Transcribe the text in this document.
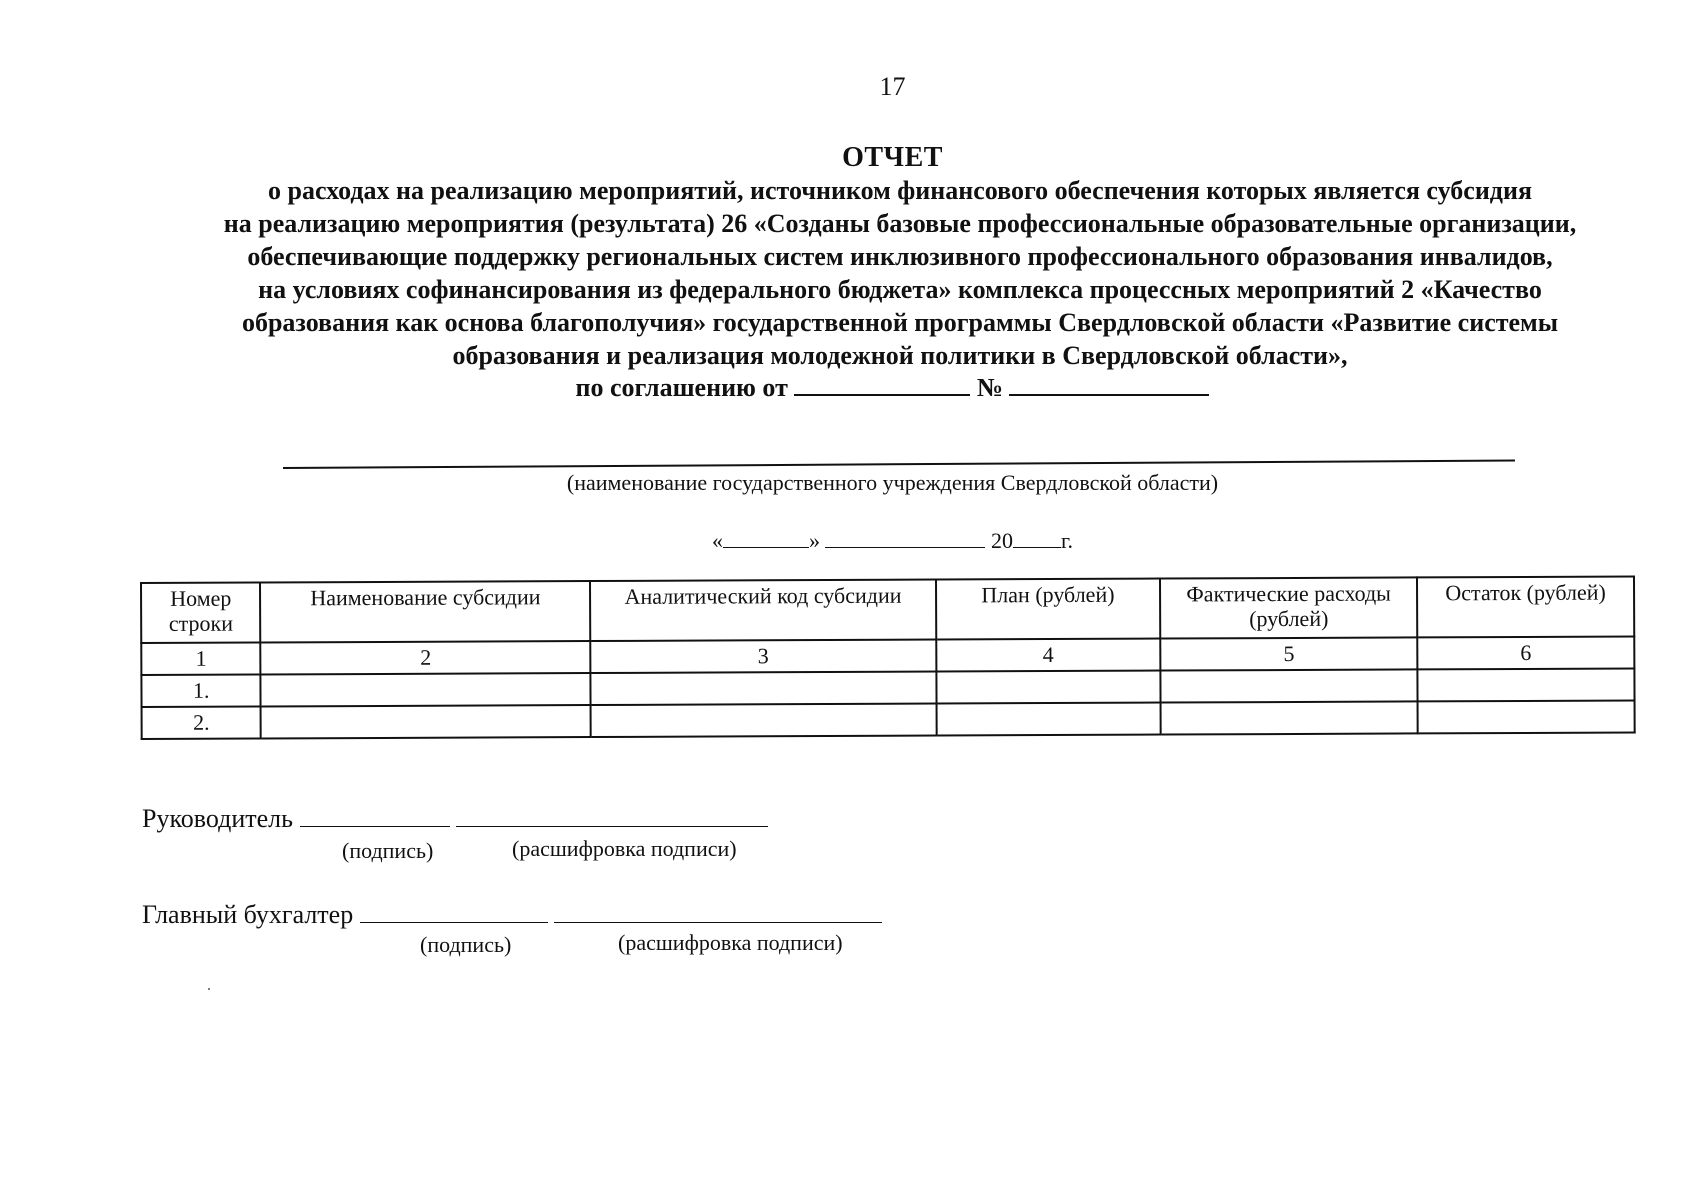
17
ОТЧЕТ
о расходах на реализацию мероприятий, источником финансового обеспечения которых является субсидия
на реализацию мероприятия (результата) 26 «Созданы базовые профессиональные образовательные организации,
обеспечивающие поддержку региональных систем инклюзивного профессионального образования инвалидов,
на условиях софинансирования из федерального бюджета» комплекса процессных мероприятий 2 «Качество
образования как основа благополучия» государственной программы Свердловской области «Развитие системы
образования и реализация молодежной политики в Свердловской области»,
по соглашению от	№
(наименование государственного учреждения Свердловской области)
«	»	20 г.
Номер строки	Наименование субсидии	Аналитический код субсидии	План (рублей)	Фактические расходы (рублей)	Остаток (рублей)
1	2	3	4	5	6
1.					
2.					
Руководитель
(подпись)	(расшифровка подписи)
Главный бухгалтер
(подпись)	(расшифровка подписи)
